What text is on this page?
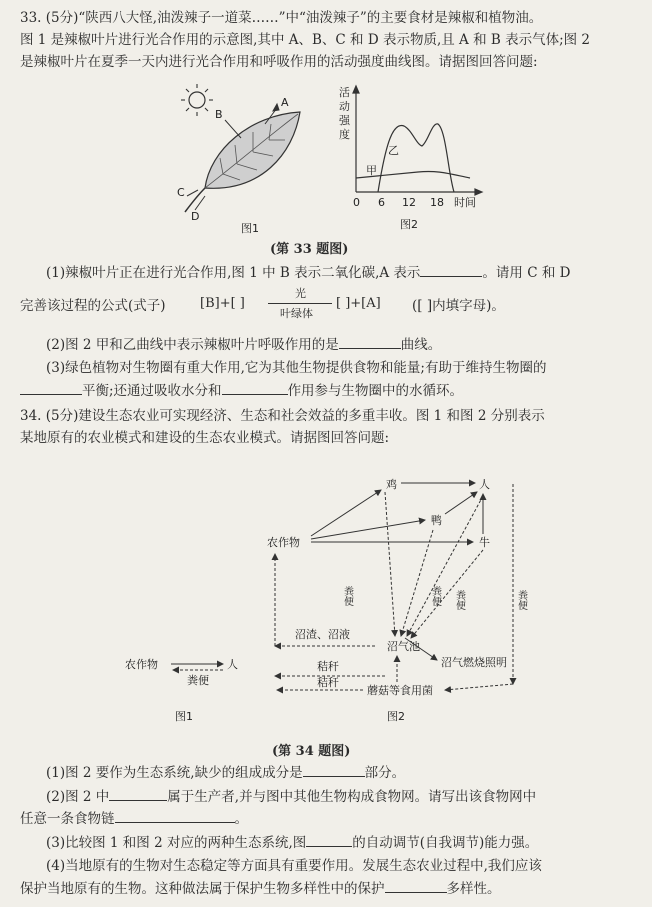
33. (5分)“陕西八大怪,油泼辣子一道菜……”中“油泼辣子”的主要食材是辣椒和植物油。
图 1 是辣椒叶片进行光合作用的示意图,其中 A、B、C 和 D 表示物质,且 A 和 B 表示气体;图 2
是辣椒叶片在夏季一天内进行光合作用和呼吸作用的活动强度曲线图。请据图回答问题:
B
A
C
D
图1
活
动
强
度
乙
甲
0 6 12 18 时间
图2
(第 33 题图)
(1)辣椒叶片正在进行光合作用,图 1 中 B 表示二氧化碳,A 表示	。请用 C 和 D
完善该过程的公式(式子)	[B]+[ ]
光
叶绿体
[ ]+[A] ([ ]内填字母)。
(2)图 2 甲和乙曲线中表示辣椒叶片呼吸作用的是	曲线。
(3)绿色植物对生物圈有重大作用,它为其他生物提供食物和能量;有助于维持生物圈的
平衡;还通过吸收水分和	作用参与生物圈中的水循环。
34. (5分)建设生态农业可实现经济、生态和社会效益的多重丰收。图 1 和图 2 分别表示
某地原有的农业模式和建设的生态农业模式。请据图回答问题:
鸡	人
鸭
农作物	牛
沼气池
沼气燃烧照明
蘑菇等食用菌
粪便	粪便 粪便	粪便
沼渣、沼液
秸秆
秸秆
农作物	人
粪便
图1	图2
(第 34 题图)
(1)图 2 要作为生态系统,缺少的组成成分是	部分。
(2)图 2 中	属于生产者,并与图中其他生物构成食物网。请写出该食物网中
任意一条食物链	。
(3)比较图 1 和图 2 对应的两种生态系统,图	的自动调节(自我调节)能力强。
(4)当地原有的生物对生态稳定等方面具有重要作用。发展生态农业过程中,我们应该
保护当地原有的生物。这种做法属于保护生物多样性中的保护	多样性。
